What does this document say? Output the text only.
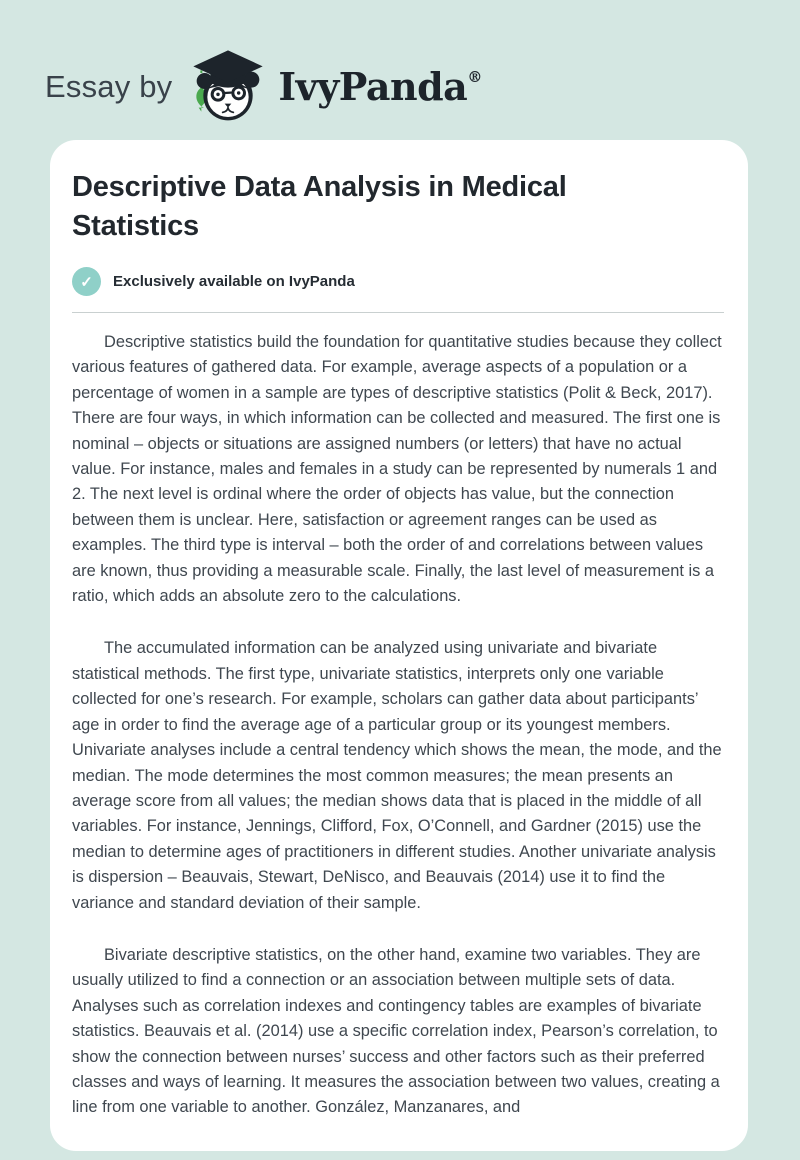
Essay by	IvyPanda®
Descriptive Data Analysis in Medical Statistics
✓	Exclusively available on IvyPanda

Descriptive statistics build the foundation for quantitative studies because they collect various features of gathered data. For example, average aspects of a population or a percentage of women in a sample are types of descriptive statistics (Polit & Beck, 2017). There are four ways, in which information can be collected and measured. The first one is nominal – objects or situations are assigned numbers (or letters) that have no actual value. For instance, males and females in a study can be represented by numerals 1 and 2. The next level is ordinal where the order of objects has value, but the connection between them is unclear. Here, satisfaction or agreement ranges can be used as examples. The third type is interval – both the order of and correlations between values are known, thus providing a measurable scale. Finally, the last level of measurement is a ratio, which adds an absolute zero to the calculations.

The accumulated information can be analyzed using univariate and bivariate statistical methods. The first type, univariate statistics, interprets only one variable collected for one’s research. For example, scholars can gather data about participants’ age in order to find the average age of a particular group or its youngest members. Univariate analyses include a central tendency which shows the mean, the mode, and the median. The mode determines the most common measures; the mean presents an average score from all values; the median shows data that is placed in the middle of all variables. For instance, Jennings, Clifford, Fox, O’Connell, and Gardner (2015) use the median to determine ages of practitioners in different studies. Another univariate analysis is dispersion – Beauvais, Stewart, DeNisco, and Beauvais (2014) use it to find the variance and standard deviation of their sample.

Bivariate descriptive statistics, on the other hand, examine two variables. They are usually utilized to find a connection or an association between multiple sets of data. Analyses such as correlation indexes and contingency tables are examples of bivariate statistics. Beauvais et al. (2014) use a specific correlation index, Pearson’s correlation, to show the connection between nurses’ success and other factors such as their preferred classes and ways of learning. It measures the association between two values, creating a line from one variable to another. González, Manzanares, and
